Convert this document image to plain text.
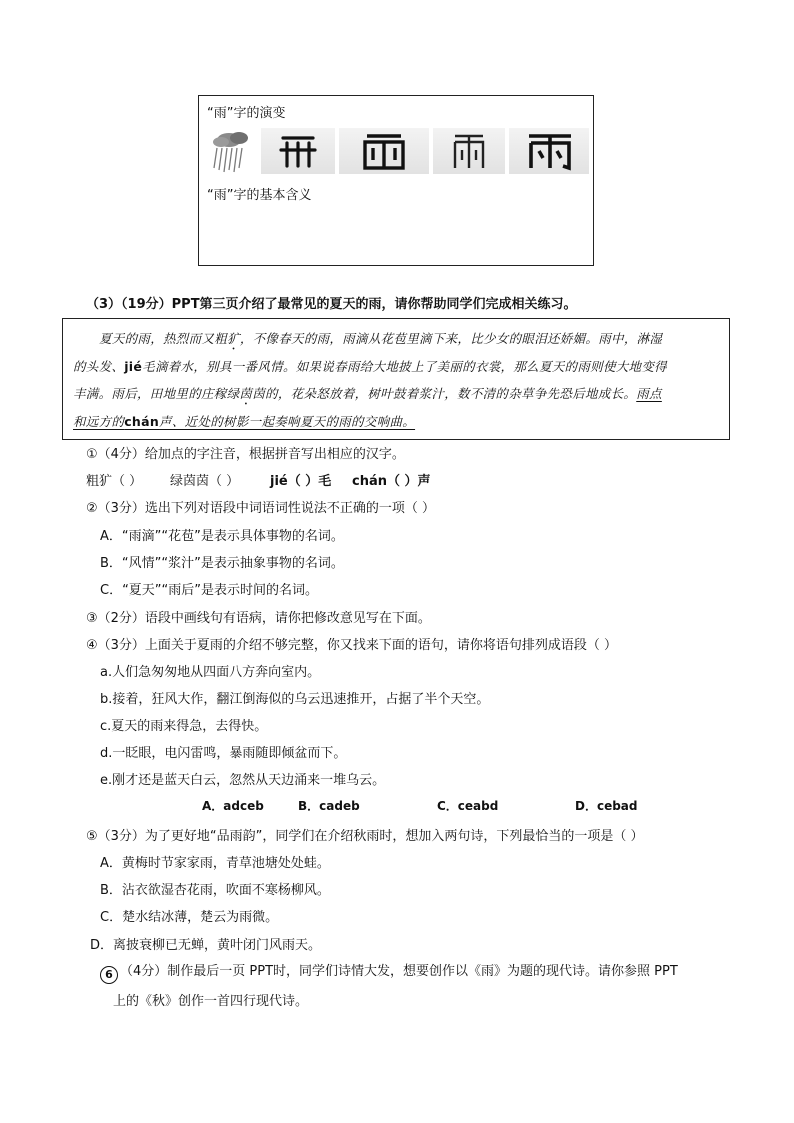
“雨”字的演变
“雨”字的基本含义
（3）（19分）PPT第三页介绍了最常见的夏天的雨，请你帮助同学们完成相关练习。
夏天的雨，热烈而又粗犷，不像春天的雨，雨滴从花苞里滴下来，比少女的眼泪还娇媚。雨中，淋湿
的头发、jié毛滴着水，别具一番风情。如果说春雨给大地披上了美丽的衣裳，那么夏天的雨则使大地变得
丰满。雨后，田地里的庄稼绿茵茵的，花朵怒放着，树叶鼓着浆汁，数不清的杂草争先恐后地成长。雨点
和远方的chán声、近处的树影一起奏响夏天的雨的交响曲。
①（4分）给加点的字注音，根据拼音写出相应的汉字。
粗犷（ ） 绿茵茵（ ） jié（ ）毛 chán（ ）声
②（3分）选出下列对语段中词语词性说法不正确的一项（ ）
A．“雨滴”“花苞”是表示具体事物的名词。
B．“风情”“浆汁”是表示抽象事物的名词。
C．“夏天”“雨后”是表示时间的名词。
③（2分）语段中画线句有语病，请你把修改意见写在下面。
④（3分）上面关于夏雨的介绍不够完整，你又找来下面的语句，请你将语句排列成语段（ ）
a.人们急匆匆地从四面八方奔向室内。
b.接着，狂风大作，翻江倒海似的乌云迅速推开，占据了半个天空。
c.夏天的雨来得急，去得快。
d.一眨眼，电闪雷鸣，暴雨随即倾盆而下。
e.刚才还是蓝天白云，忽然从天边涌来一堆乌云。
A．adceb	B．cadeb	C．ceabd	D．cebad
⑤（3分）为了更好地“品雨韵”，同学们在介绍秋雨时，想加入两句诗，下列最恰当的一项是（ ）
A．黄梅时节家家雨，青草池塘处处蛙。
B．沾衣欲湿杏花雨，吹面不寒杨柳风。
C．楚水结冰薄，楚云为雨微。
D．离披衰柳已无蝉，黄叶闭门风雨天。
6 （4分）制作最后一页 PPT时，同学们诗情大发，想要创作以《雨》为题的现代诗。请你参照 PPT
上的《秋》创作一首四行现代诗。
